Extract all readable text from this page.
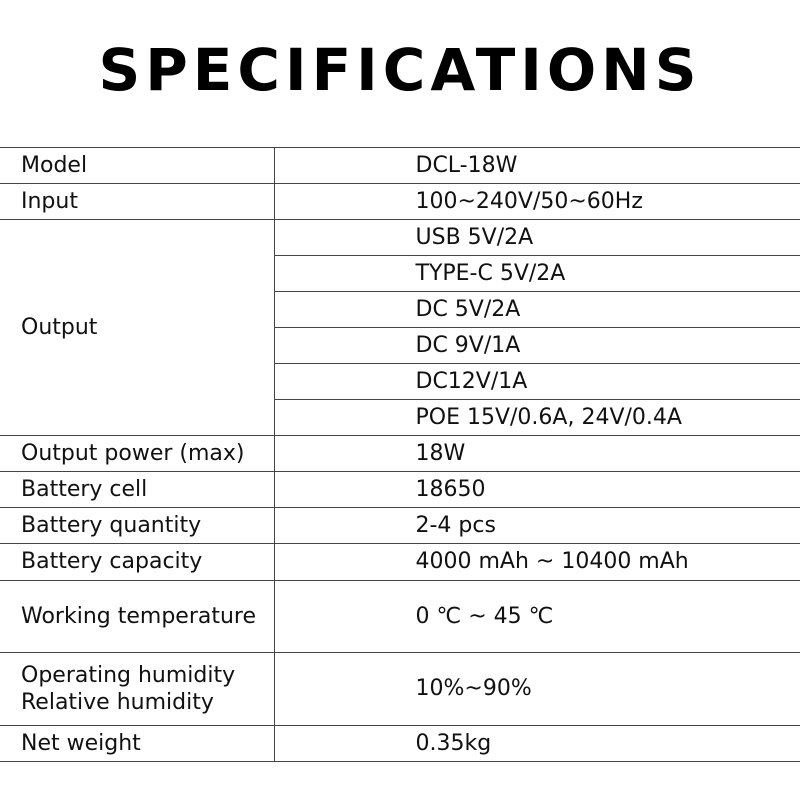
SPECIFICATIONS
Model	DCL-18W
Input	100~240V/50~60Hz
Output	USB 5V/2A
	TYPE-C 5V/2A
	DC 5V/2A
	DC 9V/1A
	DC12V/1A
	POE 15V/0.6A, 24V/0.4A
Output power (max)	18W
Battery cell	18650
Battery quantity	2-4 pcs
Battery capacity	4000 mAh ~ 10400 mAh
Working temperature	0 ℃ ~ 45 ℃

Operating humidity
Relative humidity	10%~90%
Net weight	0.35kg
